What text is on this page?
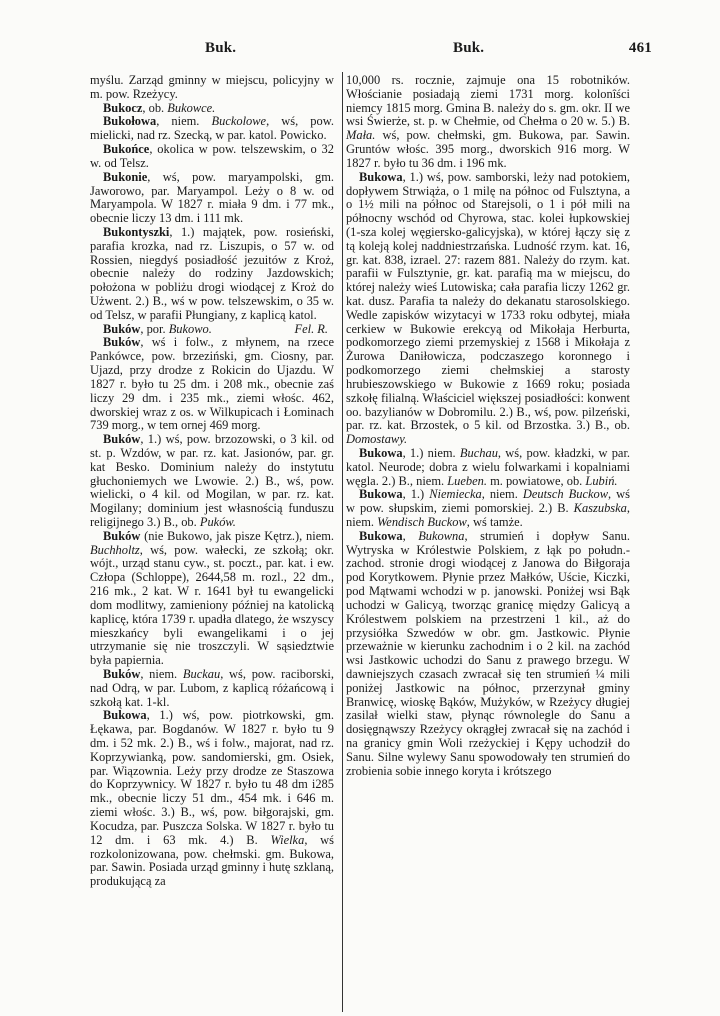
Buk.	Buk.	461

myślu. Zarząd gminny w miejscu, policyjny w m. pow. Rzeżycy.

Bukocz, ob. Bukowce.

Bukołowa, niem. Buckolowe, wś, pow. mielicki, nad rz. Szecką, w par. katol. Powicko.

Bukońce, okolica w pow. telszewskim, o 32 w. od Telsz.

Bukonie, wś, pow. maryampolski, gm. Jaworowo, par. Maryampol. Leży o 8 w. od Maryampola. W 1827 r. miała 9 dm. i 77 mk., obecnie liczy 13 dm. i 111 mk.

Bukontyszki, 1.) majątek, pow. rosieński, parafia krozka, nad rz. Liszupis, o 57 w. od Rossien, niegdyś posiadłość jezuitów z Kroż, obecnie należy do rodziny Jazdowskich; położona w pobliżu drogi wiodącej z Kroż do Użwent. 2.) B., wś w pow. telszewskim, o 35 w. od Telsz, w parafii Płungiany, z kaplicą katol.
Fel. R.

Buków, por. Bukowo.

Buków, wś i folw., z młynem, na rzece Pankówce, pow. brzeziński, gm. Ciosny, par. Ujazd, przy drodze z Rokicin do Ujazdu. W 1827 r. było tu 25 dm. i 208 mk., obecnie zaś liczy 29 dm. i 235 mk., ziemi włośc. 462, dworskiej wraz z os. w Wilkupicach i Łominach 739 morg., w tem ornej 469 morg.

Buków, 1.) wś, pow. brzozowski, o 3 kil. od st. p. Wzdów, w par. rz. kat. Jasionów, par. gr. kat Besko. Dominium należy do instytutu głuchoniemych we Lwowie. 2.) B., wś, pow. wielicki, o 4 kil. od Mogilan, w par. rz. kat. Mogilany; dominium jest własnością funduszu religijnego 3.) B., ob. Puków.

Buków (nie Bukowo, jak pisze Kętrz.), niem. Buchholtz, wś, pow. wałecki, ze szkołą; okr. wójt., urząd stanu cyw., st. poczt., par. kat. i ew. Człopa (Schloppe), 2644,58 m. rozl., 22 dm., 216 mk., 2 kat. W r. 1641 był tu ewangelicki dom modlitwy, zamieniony później na katolicką kaplicę, która 1739 r. upadła dlatego, że wszyscy mieszkańcy byli ewangelikami i o jej utrzymanie się nie troszczyli. W sąsiedztwie była papiernia.

Buków, niem. Buckau, wś, pow. raciborski, nad Odrą, w par. Lubom, z kaplicą różańcową i szkołą kat. 1-kl.

Bukowa, 1.) wś, pow. piotrkowski, gm. Łękawa, par. Bogdanów. W 1827 r. było tu 9 dm. i 52 mk. 2.) B., wś i folw., majorat, nad rz. Koprzywianką, pow. sandomierski, gm. Osiek, par. Wiązownia. Leży przy drodze ze Staszowa do Koprzywnicy. W 1827 r. było tu 48 dm i285 mk., obecnie liczy 51 dm., 454 mk. i 646 m. ziemi włośc. 3.) B., wś, pow. biłgorajski, gm. Kocudza, par. Puszcza Solska. W 1827 r. było tu 12 dm. i 63 mk. 4.) B. Wielka, wś rozkolonizowana, pow. chełmski. gm. Bukowa, par. Sawin. Posiada urząd gminny i hutę szklaną, produkującą za

10,000 rs. rocznie, zajmuje ona 15 robotników. Włościanie posiadają ziemi 1731 morg. kolonîści niemcy 1815 morg. Gmina B. należy do s. gm. okr. II we wsi Świerże, st. p. w Chełmie, od Chełma o 20 w. 5.) B. Mała. wś, pow. chełmski, gm. Bukowa, par. Sawin. Gruntów włośc. 395 morg., dworskich 916 morg. W 1827 r. było tu 36 dm. i 196 mk.

Bukowa, 1.) wś, pow. samborski, leży nad potokiem, dopływem Strwiąża, o 1 milę na północ od Fulsztyna, a o 1½ mili na północ od Starejsoli, o 1 i pół mili na północny wschód od Chyrowa, stac. kolei łupkowskiej (1-sza kolej węgiersko-galicyjska), w której łączy się z tą koleją kolej naddniestrzańska. Ludność rzym. kat. 16, gr. kat. 838, izrael. 27: razem 881. Należy do rzym. kat. parafii w Fulsztynie, gr. kat. parafią ma w miejscu, do której należy wieś Lutowiska; cała parafia liczy 1262 gr. kat. dusz. Parafia ta należy do dekanatu starosolskiego. Wedle zapisków wizytacyi w 1733 roku odbytej, miała cerkiew w Bukowie erekcyą od Mikołaja Herburta, podkomorzego ziemi przemyskiej z 1568 i Mikołaja z Żurowa Daniłowicza, podczaszego koronnego i podkomorzego ziemi chełmskiej a starosty hrubieszowskiego w Bukowie z 1669 roku; posiada szkołę filialną. Właściciel większej posiadłości: konwent oo. bazylianów w Dobromilu. 2.) B., wś, pow. pilzeński, par. rz. kat. Brzostek, o 5 kil. od Brzostka. 3.) B., ob. Domostawy.

Bukowa, 1.) niem. Buchau, wś, pow. kładzki, w par. katol. Neurode; dobra z wielu folwarkami i kopalniami węgla. 2.) B., niem. Lueben. m. powiatowe, ob. Lubiń.

Bukowa, 1.) Niemiecka, niem. Deutsch Buckow, wś w pow. słupskim, ziemi pomorskiej. 2.) B. Kaszubska, niem. Wendisch Buckow, wś tamże.

Bukowa, Bukowna, strumień i dopływ Sanu. Wytryska w Królestwie Polskiem, z łąk po połudn.-zachod. stronie drogi wiodącej z Janowa do Biłgoraja pod Korytkowem. Płynie przez Małków, Uście, Kiczki, pod Mątwami wchodzi w p. janowski. Poniżej wsi Bąk uchodzi w Galicyą, tworząc granicę między Galicyą a Królestwem polskiem na przestrzeni 1 kil., aż do przysiółka Szwedów w obr. gm. Jastkowic. Płynie przeważnie w kierunku zachodnim i o 2 kil. na zachód wsi Jastkowic uchodzi do Sanu z prawego brzegu. W dawniejszych czasach zwracał się ten strumień ¼ mili poniżej Jastkowic na północ, przerzynał gminy Branwicę, wioskę Bąków, Mużyków, w Rzeżycy długiej zasilał wielki staw, płynąc równolegle do Sanu a dosięgnąwszy Rzeżycy okrągłej zwracał się na zachód i na granicy gmin Woli rzeżyckiej i Kępy uchodził do Sanu. Silne wylewy Sanu spowodowały ten strumień do zrobienia sobie innego koryta i krótszego
